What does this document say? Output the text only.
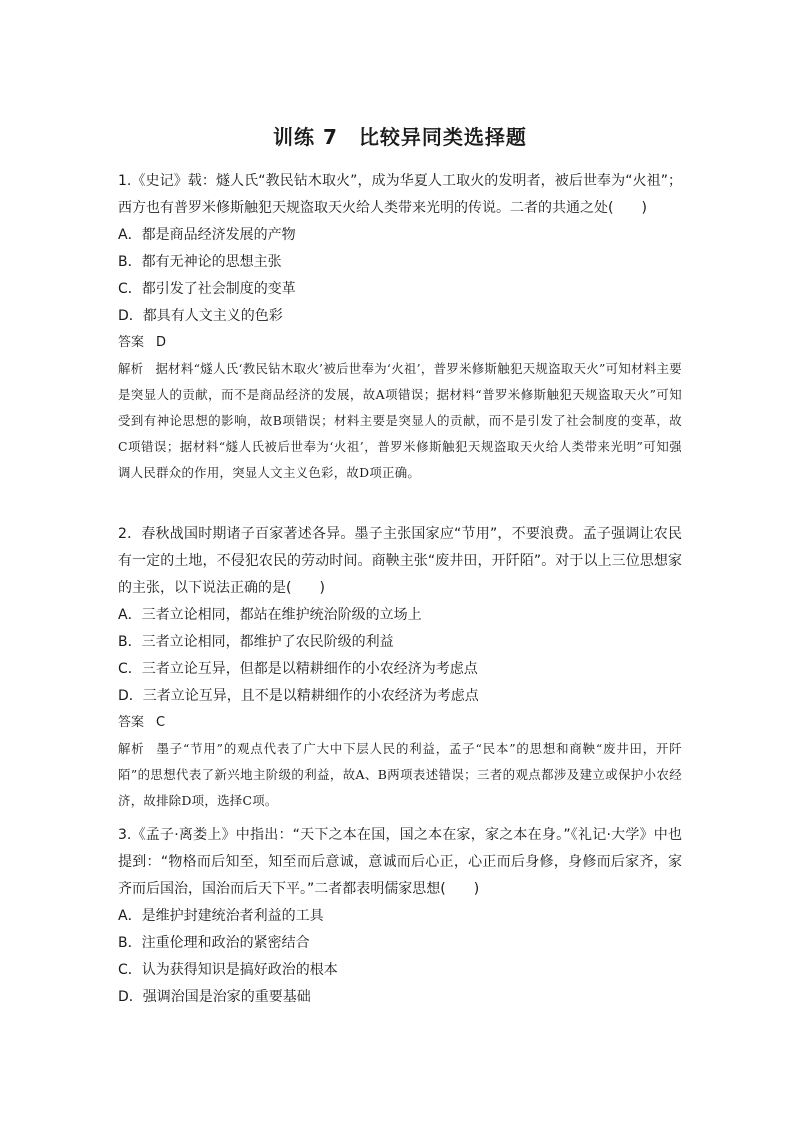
训练 7　比较异同类选择题
1.《史记》载：燧人氏“教民钻木取火”，成为华夏人工取火的发明者，被后世奉为“火祖”；西方也有普罗米修斯触犯天规盗取天火给人类带来光明的传说。二者的共通之处(　　)
A．都是商品经济发展的产物
B．都有无神论的思想主张
C．都引发了社会制度的变革
D．都具有人文主义的色彩
答案 D
解析 据材料“燧人氏‘教民钻木取火’被后世奉为‘火祖’，普罗米修斯触犯天规盗取天火”可知材料主要是突显人的贡献，而不是商品经济的发展，故A项错误；据材料“普罗米修斯触犯天规盗取天火”可知受到有神论思想的影响，故B项错误；材料主要是突显人的贡献，而不是引发了社会制度的变革，故C项错误；据材料“燧人氏被后世奉为‘火祖’，普罗米修斯触犯天规盗取天火给人类带来光明”可知强调人民群众的作用，突显人文主义色彩，故D项正确。
2．春秋战国时期诸子百家著述各异。墨子主张国家应“节用”，不要浪费。孟子强调让农民有一定的土地，不侵犯农民的劳动时间。商鞅主张“废井田，开阡陌”。对于以上三位思想家的主张，以下说法正确的是(　　)
A．三者立论相同，都站在维护统治阶级的立场上
B．三者立论相同，都维护了农民阶级的利益
C．三者立论互异，但都是以精耕细作的小农经济为考虑点
D．三者立论互异，且不是以精耕细作的小农经济为考虑点
答案 C
解析 墨子“节用”的观点代表了广大中下层人民的利益，孟子“民本”的思想和商鞅“废井田，开阡陌”的思想代表了新兴地主阶级的利益，故A、B两项表述错误；三者的观点都涉及建立或保护小农经济，故排除D项，选择C项。
3.《孟子·离娄上》中指出：“天下之本在国，国之本在家，家之本在身。”《礼记·大学》中也提到：“物格而后知至，知至而后意诚，意诚而后心正，心正而后身修，身修而后家齐，家齐而后国治，国治而后天下平。”二者都表明儒家思想(　　)
A．是维护封建统治者利益的工具
B．注重伦理和政治的紧密结合
C．认为获得知识是搞好政治的根本
D．强调治国是治家的重要基础
